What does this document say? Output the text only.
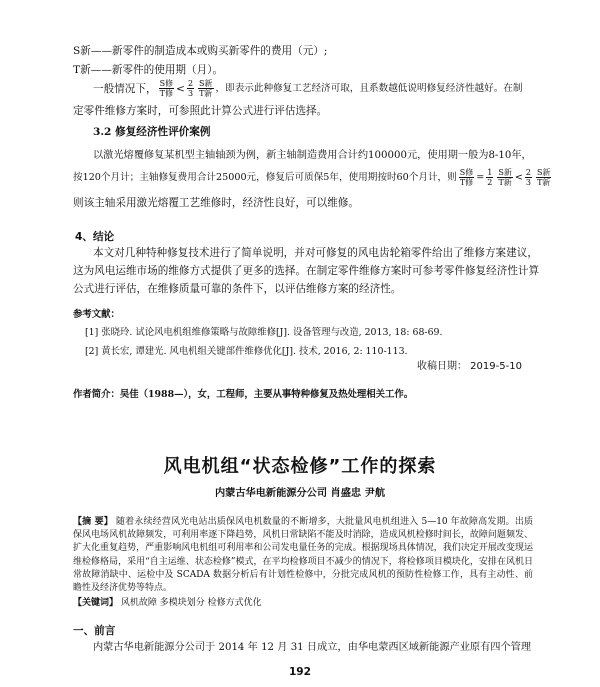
S新——新零件的制造成本或购买新零件的费用（元）;

T新——新零件的使用期（月）。

一般情况下， $\frac{\text{S修}}{\text{T修}} < \frac{2}{3} \frac{\text{S新}}{\text{T新}}$ ，即表示此种修复工艺经济可取，且系数越低说明修复经济性越好。在制

定零件维修方案时，可参照此计算公式进行评估选择。

3.2 修复经济性评价案例

以激光熔覆修复某机型主轴轴颈为例，新主轴制造费用合计约100000元，使用期一般为8-10年，

按120个月计；主轴修复费用合计25000元，修复后可质保5年，使用期按时60个月计，则 $\frac{\text{S修}}{\text{T修}} = \frac{1}{2} \frac{\text{S新}}{\text{T新}} < \frac{2}{3} \frac{\text{S新}}{\text{T新}}$

则该主轴采用激光熔覆工艺维修时，经济性良好，可以维修。

4、结论

本文对几种特种修复技术进行了简单说明，并对可修复的风电齿轮箱零件给出了维修方案建议，

这为风电运维市场的维修方式提供了更多的选择。在制定零件维修方案时可参考零件修复经济性计算

公式进行评估，在维修质量可靠的条件下，以评估维修方案的经济性。

参考文献：

[1] 张晓玲. 试论风电机组维修策略与故障维修[J]. 设备管理与改造, 2013, 18: 68-69.

[2] 黄长宏, 谭建光. 风电机组关键部件维修优化[J]. 技术, 2016, 2: 110-113.

收稿日期： 2019-5-10

作者简介：吴佳（1988—），女，工程师，主要从事特种修复及热处理相关工作。

风电机组“状态检修”工作的探索

内蒙古华电新能源分公司 肖盛忠 尹航

【摘 要】 随着永续经营风光电站出质保风电机数量的不断增多，大批量风电机组进入 5—10 年故障高发期。出质保风电场风机故障频发，可利用率逐下降趋势，风机日常缺陷不能及时消除，造成风机检修时间长，故障问题频发、扩大化重复趋势，严重影响风电机组可利用率和公司发电量任务的完成。根据现场具体情况，我们决定开展改变现运维检修格局，采用“自主运维、状态检修”模式，在平均检修项目不减少的情况下，将检修项目模块化，安排在风机日常故障消缺中、运检中及 SCADA 数据分析后有计划性检修中，分批完成风机的预防性检修工作，具有主动性、前瞻性及经济优势等特点。
【关键词】 风机故障 多模块划分 检修方式优化

一、前言

内蒙古华电新能源分公司于 2014 年 12 月 31 日成立，由华电蒙西区域新能源产业原有四个管理

192
